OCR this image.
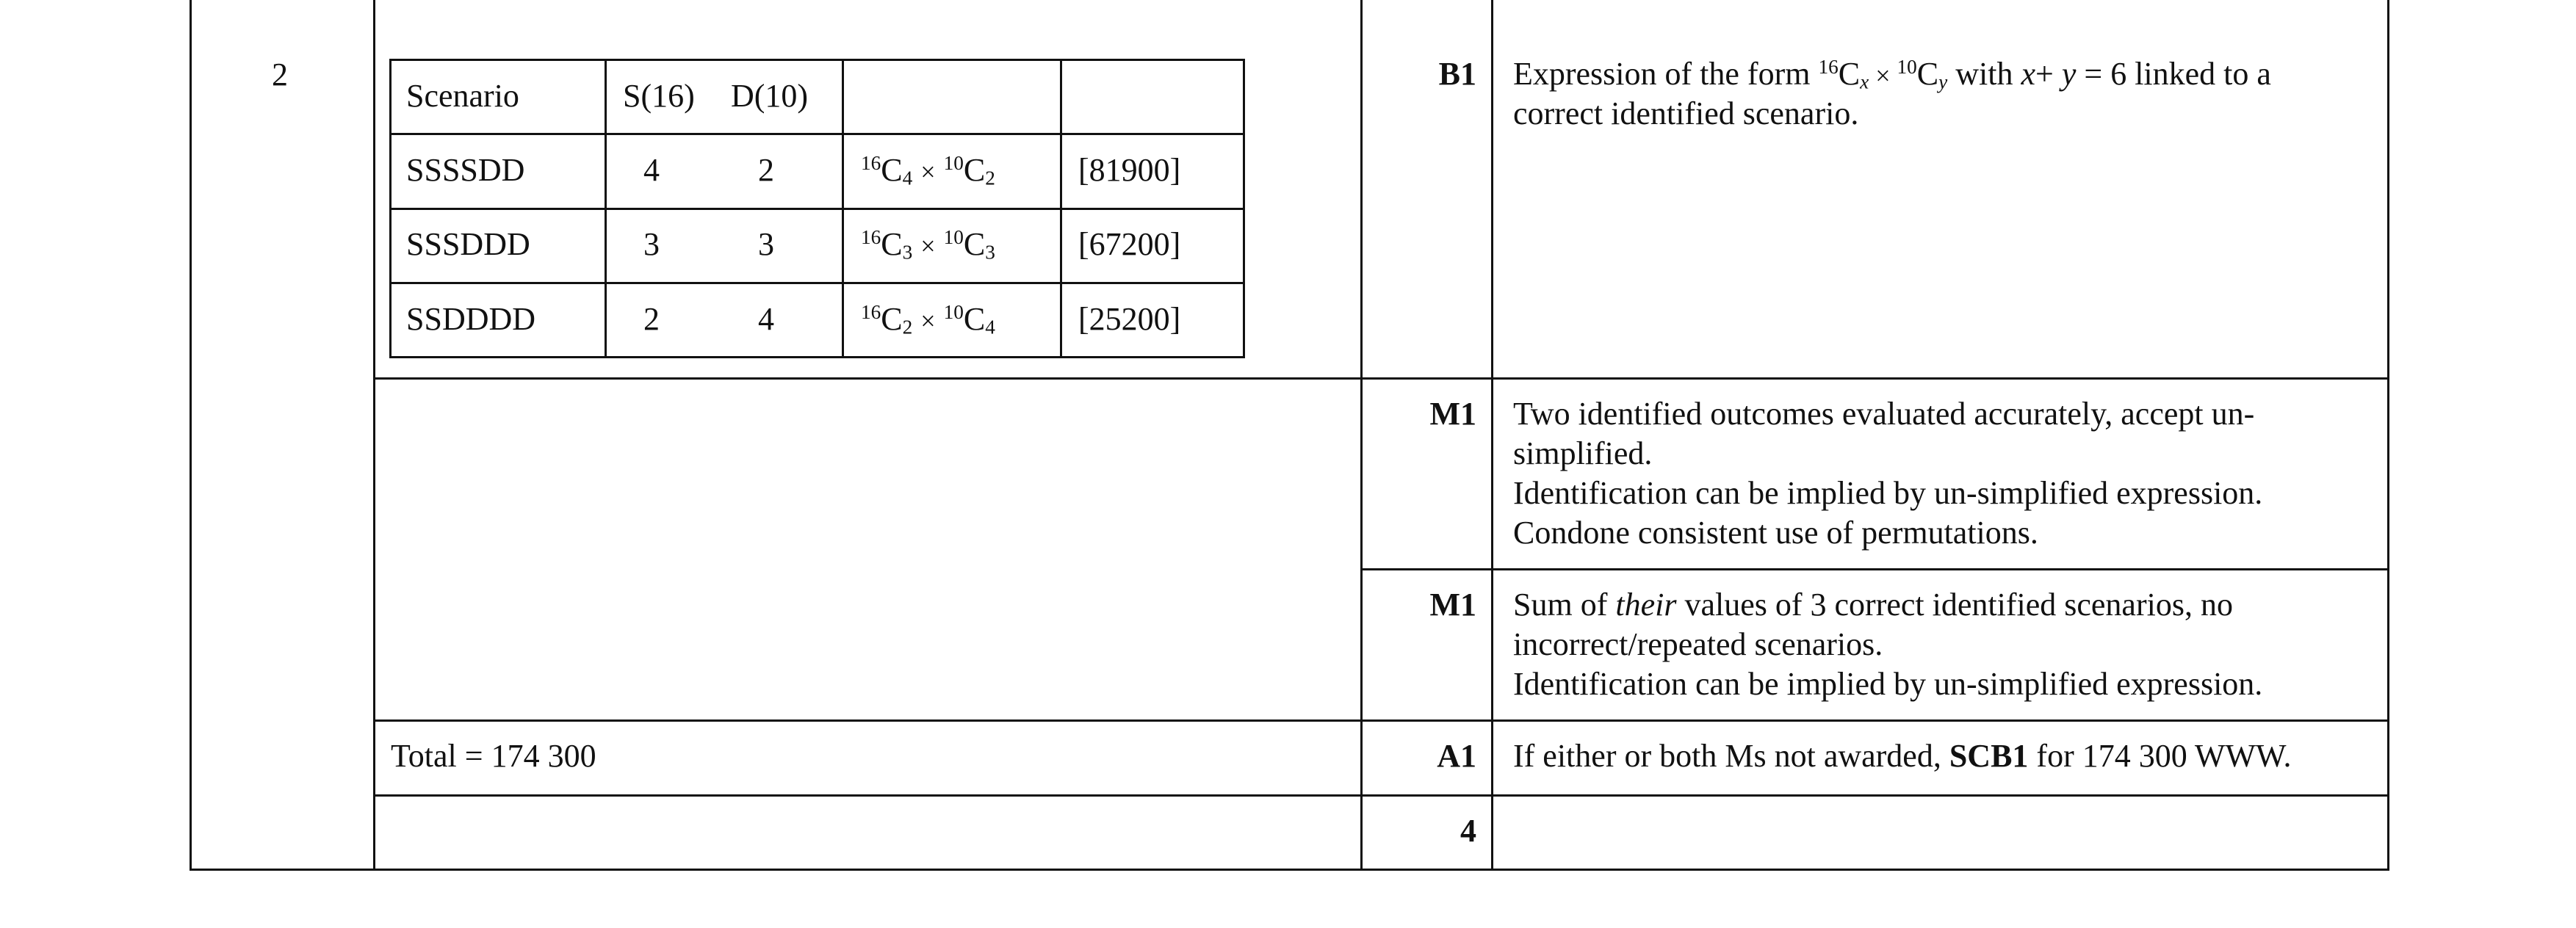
2
Scenario	S(16) D(10)
SSSSDD	4	2	$^{16}C_4 \times ^{10}C_2$	[81900]
SSSDDD	3	3	$^{16}C_3 \times ^{10}C_3$	[67200]
SSDDDD	2	4	$^{16}C_2 \times ^{10}C_4$	[25200]
B1 Expression of the form $^{16}C_x \times ^{10}C_y$ with x+ y = 6 linked to a
correct identified scenario.
M1 Two identified outcomes evaluated accurately, accept un-
simplified.
Identification can be implied by un-simplified expression.
Condone consistent use of permutations.
M1 Sum of their values of 3 correct identified scenarios, no
incorrect/repeated scenarios.
Identification can be implied by un-simplified expression.
Total = 174 300	A1 If either or both Ms not awarded, SCB1 for 174 300 WWW.
4
